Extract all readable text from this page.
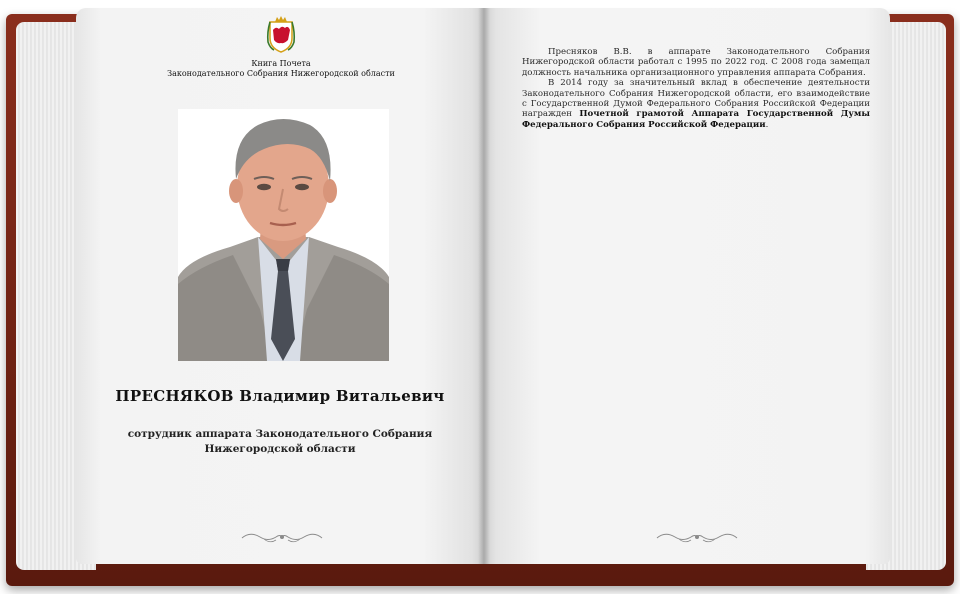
Книга Почета
Законодательного Собрания Нижегородской области
ПРЕСНЯКОВ Владимир Витальевич
сотрудник аппарата Законодательного Собрания
Нижегородской области

Пресняков В.В. в аппарате Законодательного Собрания Нижегородской области работал с 1995 по 2022 год. С 2008 года замещал должность начальника организационного управления аппарата Собрания.

В 2014 году за значительный вклад в обеспечение деятельности Законодательного Собрания Нижегородской области, его взаимодействие с Государственной Думой Федерального Собрания Российской Федерации награжден Почетной грамотой Аппарата Государственной Думы Федерального Собрания Российской Федерации.
